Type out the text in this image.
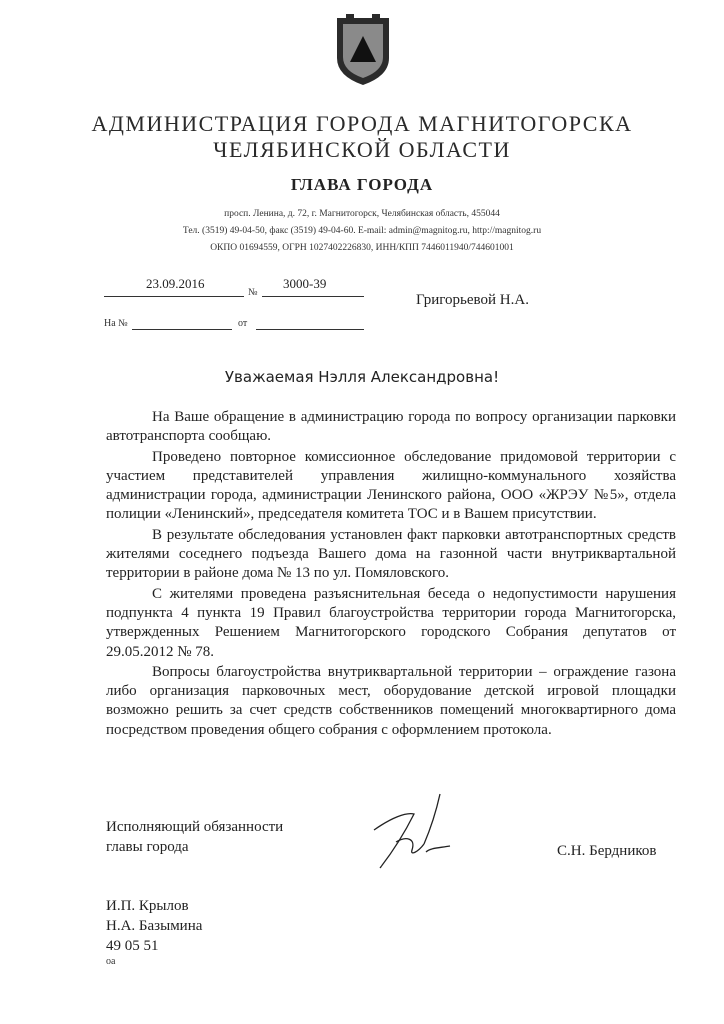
АДМИНИСТРАЦИЯ ГОРОДА МАГНИТОГОРСКА
ЧЕЛЯБИНСКОЙ ОБЛАСТИ
ГЛАВА ГОРОДА
просп. Ленина, д. 72, г. Магнитогорск, Челябинская область, 455044
Тел. (3519) 49-04-50, факс (3519) 49-04-60. E-mail: admin@magnitog.ru, http://magnitog.ru
ОКПО 01694559, ОГРН 1027402226830, ИНН/КПП 7446011940/744601001
23.09.2016
№
3000-39
На №	от
Григорьевой Н.А.
Уважаемая Нэлля Александровна!

На Ваше обращение в администрацию города по вопросу организации парковки автотранспорта сообщаю.

Проведено повторное комиссионное обследование придомовой территории с участием представителей управления жилищно-коммунального хозяйства администрации города, администрации Ленинского района, ООО «ЖРЭУ №5», отдела полиции «Ленинский», председателя комитета ТОС и в Вашем присутствии.

В результате обследования установлен факт парковки автотранспортных средств жителями соседнего подъезда Вашего дома на газонной части внутриквартальной территории в районе дома № 13 по ул. Помяловского.

С жителями проведена разъяснительная беседа о недопустимости нарушения подпункта 4 пункта 19 Правил благоустройства территории города Магнитогорска, утвержденных Решением Магнитогорского городского Собрания депутатов от 29.05.2012 № 78.

Вопросы благоустройства внутриквартальной территории – ограждение газона либо организация парковочных мест, оборудование детской игровой площадки возможно решить за счет средств собственников помещений многоквартирного дома посредством проведения общего собрания с оформлением протокола.

Исполняющий обязанности
главы города	С.Н. Бердников
И.П. Крылов
Н.А. Базымина
49 05 51
оа
